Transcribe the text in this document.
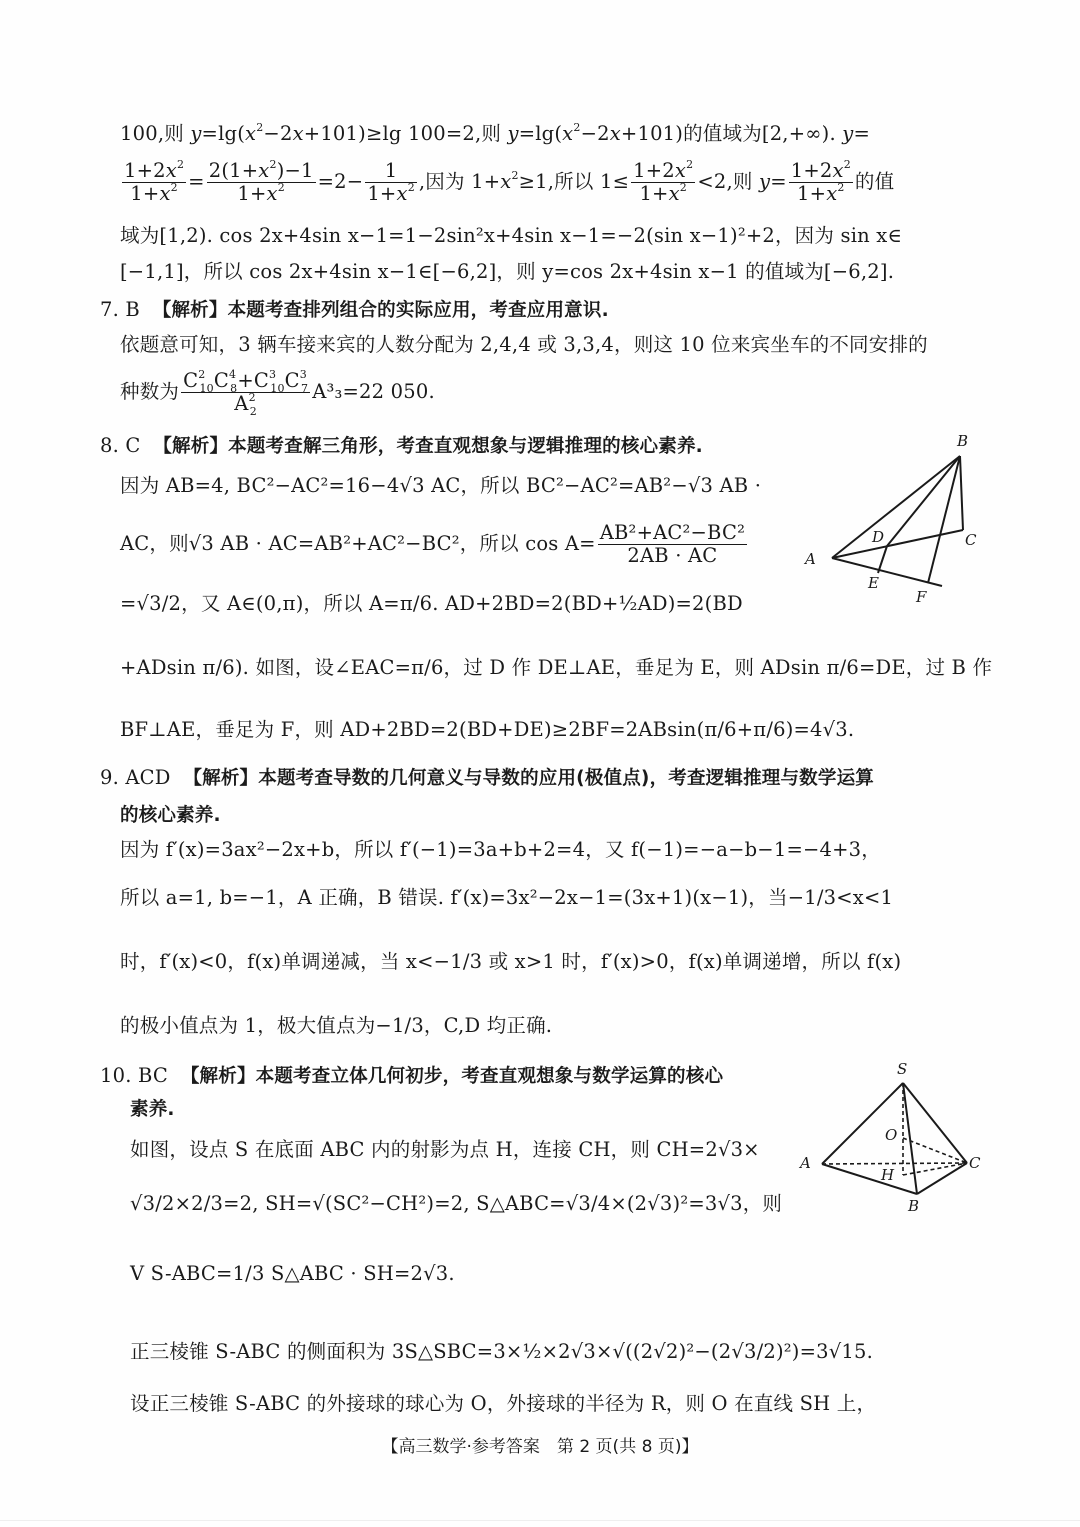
100,则 $y=\lg(x^2-2x+101)\ge\lg$ 100=2,则 $y=\lg(x^2-2x+101)$的值域为[2,+∞). y=
$\frac{1+2x^2}{1+x^2} = \frac{2(1+x^2)-1}{1+x^2} =2- \frac{1}{1+x^2}$ ,因为 $1+x^2\ge 1$,所以 $1\le \frac{1+2x^2}{1+x^2} <2$,则 $y= \frac{1+2x^2}{1+x^2}$ 的值
域为[1,2). cos 2x+4sin x−1=1−2sin²x+4sin x−1=−2(sin x−1)²+2，因为 sin x∈
[−1,1]，所以 cos 2x+4sin x−1∈[−6,2]，则 y=cos 2x+4sin x−1 的值域为[−6,2].
7. B 【解析】本题考查排列组合的实际应用，考查应用意识.
依题意可知，3 辆车接来宾的人数分配为 2,4,4 或 3,3,4，则这 10 位来宾坐车的不同安排的
种数为 $\frac{C^2_{10}C^4_8+C^3_{10}C^3_7}{A^2_2} A^3_3=22$ 050.
8. C 【解析】本题考查解三角形，考查直观想象与逻辑推理的核心素养.
因为 AB=4, BC²−AC²=16−4√3 AC，所以 BC²−AC²=AB²−√3 AB ·
AC，则√3 AB · AC=AB²+AC²−BC²，所以 $\cos A= \frac{\text{AB²+AC²−BC²}}{2AB \cdot AC}$
=√3/2，又 A∈(0,π)，所以 A=π/6. AD+2BD=2(BD+½AD)=2(BD
+ADsin π/6). 如图，设∠EAC=π/6，过 D 作 DE⊥AE，垂足为 E，则 ADsin π/6=DE，过 B 作
BF⊥AE，垂足为 F，则 AD+2BD=2(BD+DE)≥2BF=2ABsin(π/6+π/6)=4√3.
B
C
A
D
E
F
9. ACD 【解析】本题考查导数的几何意义与导数的应用(极值点)，考查逻辑推理与数学运算
的核心素养.
因为 f′(x)=3ax²−2x+b，所以 f′(−1)=3a+b+2=4，又 f(−1)=−a−b−1=−4+3，
所以 a=1, b=−1，A 正确，B 错误. f′(x)=3x²−2x−1=(3x+1)(x−1)，当−1/3<x<1
时，f′(x)<0，f(x)单调递减，当 x<−1/3 或 x>1 时，f′(x)>0，f(x)单调递增，所以 f(x)
的极小值点为 1，极大值点为−1/3，C,D 均正确.
10. BC 【解析】本题考查立体几何初步，考查直观想象与数学运算的核心
素养.
如图，设点 S 在底面 ABC 内的射影为点 H，连接 CH，则 CH=2√3×
√3/2×2/3=2, SH=√(SC²−CH²)=2, S△ABC=√3/4×(2√3)²=3√3，则
V S-ABC=1/3 S△ABC · SH=2√3.
正三棱锥 S-ABC 的侧面积为 3S△SBC=3×½×2√3×√((2√2)²−(2√3/2)²)=3√15.
设正三棱锥 S-ABC 的外接球的球心为 O，外接球的半径为 R，则 O 在直线 SH 上，
S
A
B
C
O
H
【高三数学·参考答案　第 2 页(共 8 页)】
